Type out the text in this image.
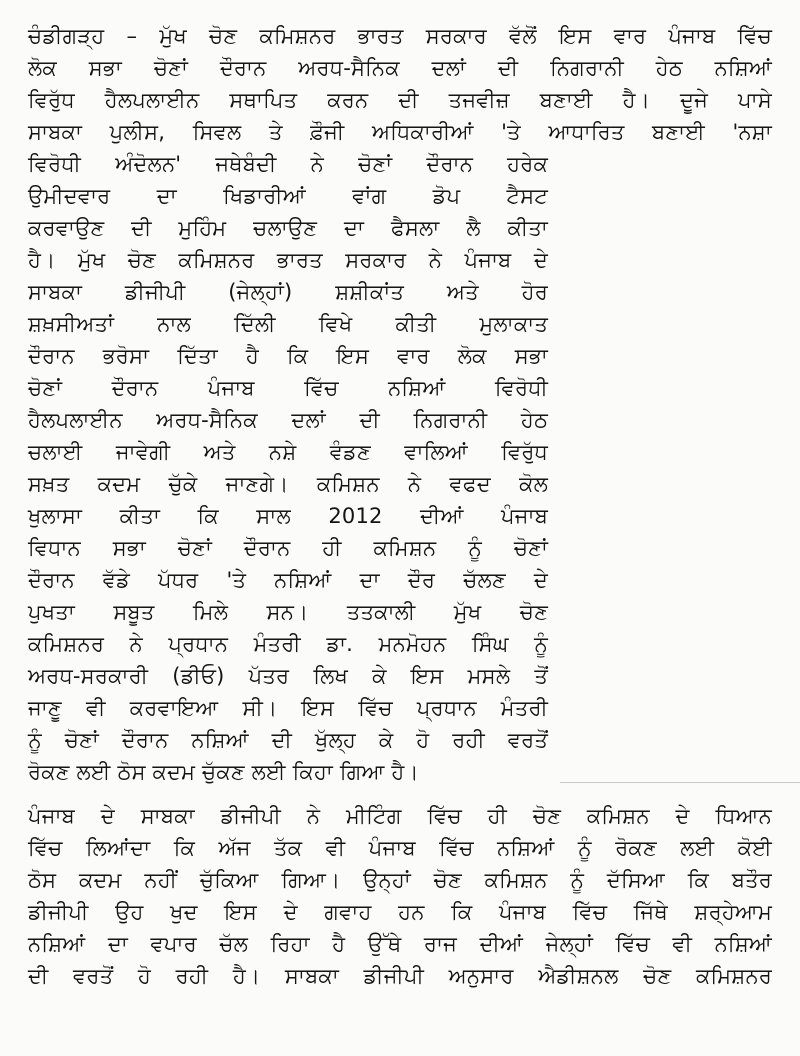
ਚੰਡੀਗੜ੍ਹ – ਮੁੱਖ ਚੋਣ ਕਮਿਸ਼ਨਰ ਭਾਰਤ ਸਰਕਾਰ ਵੱਲੋਂ ਇਸ ਵਾਰ ਪੰਜਾਬ ਵਿੱਚ
ਲੋਕ ਸਭਾ ਚੋਣਾਂ ਦੌਰਾਨ ਅਰਧ-ਸੈਨਿਕ ਦਲਾਂ ਦੀ ਨਿਗਰਾਨੀ ਹੇਠ ਨਸ਼ਿਆਂ
ਵਿਰੁੱਧ ਹੈਲਪਲਾਈਨ ਸਥਾਪਿਤ ਕਰਨ ਦੀ ਤਜਵੀਜ਼ ਬਣਾਈ ਹੈ। ਦੂਜੇ ਪਾਸੇ
ਸਾਬਕਾ ਪੁਲੀਸ, ਸਿਵਲ ਤੇ ਫ਼ੌਜੀ ਅਧਿਕਾਰੀਆਂ 'ਤੇ ਆਧਾਰਿਤ ਬਣਾਈ 'ਨਸ਼ਾ
ਵਿਰੋਧੀ ਅੰਦੋਲਨ' ਜਥੇਬੰਦੀ ਨੇ ਚੋਣਾਂ ਦੌਰਾਨ ਹਰੇਕ
ਉਮੀਦਵਾਰ ਦਾ ਖਿਡਾਰੀਆਂ ਵਾਂਗ ਡੋਪ ਟੈਸਟ
ਕਰਵਾਉਣ ਦੀ ਮੁਹਿੰਮ ਚਲਾਉਣ ਦਾ ਫੈਸਲਾ ਲੈ ਕੀਤਾ
ਹੈ। ਮੁੱਖ ਚੋਣ ਕਮਿਸ਼ਨਰ ਭਾਰਤ ਸਰਕਾਰ ਨੇ ਪੰਜਾਬ ਦੇ
ਸਾਬਕਾ ਡੀਜੀਪੀ (ਜੇਲ੍ਹਾਂ) ਸ਼ਸ਼ੀਕਾਂਤ ਅਤੇ ਹੋਰ
ਸ਼ਖ਼ਸੀਅਤਾਂ ਨਾਲ ਦਿੱਲੀ ਵਿਖੇ ਕੀਤੀ ਮੁਲਾਕਾਤ
ਦੌਰਾਨ ਭਰੋਸਾ ਦਿੱਤਾ ਹੈ ਕਿ ਇਸ ਵਾਰ ਲੋਕ ਸਭਾ
ਚੋਣਾਂ ਦੌਰਾਨ ਪੰਜਾਬ ਵਿੱਚ ਨਸ਼ਿਆਂ ਵਿਰੋਧੀ
ਹੈਲਪਲਾਈਨ ਅਰਧ-ਸੈਨਿਕ ਦਲਾਂ ਦੀ ਨਿਗਰਾਨੀ ਹੇਠ
ਚਲਾਈ ਜਾਵੇਗੀ ਅਤੇ ਨਸ਼ੇ ਵੰਡਣ ਵਾਲਿਆਂ ਵਿਰੁੱਧ
ਸਖ਼ਤ ਕਦਮ ਚੁੱਕੇ ਜਾਣਗੇ। ਕਮਿਸ਼ਨ ਨੇ ਵਫਦ ਕੋਲ
ਖੁਲਾਸਾ ਕੀਤਾ ਕਿ ਸਾਲ 2012 ਦੀਆਂ ਪੰਜਾਬ
ਵਿਧਾਨ ਸਭਾ ਚੋਣਾਂ ਦੌਰਾਨ ਹੀ ਕਮਿਸ਼ਨ ਨੂੰ ਚੋਣਾਂ
ਦੌਰਾਨ ਵੱਡੇ ਪੱਧਰ 'ਤੇ ਨਸ਼ਿਆਂ ਦਾ ਦੌਰ ਚੱਲਣ ਦੇ
ਪੁਖਤਾ ਸਬੂਤ ਮਿਲੇ ਸਨ। ਤਤਕਾਲੀ ਮੁੱਖ ਚੋਣ
ਕਮਿਸ਼ਨਰ ਨੇ ਪ੍ਰਧਾਨ ਮੰਤਰੀ ਡਾ. ਮਨਮੋਹਨ ਸਿੰਘ ਨੂੰ
ਅਰਧ-ਸਰਕਾਰੀ (ਡੀਓ) ਪੱਤਰ ਲਿਖ ਕੇ ਇਸ ਮਸਲੇ ਤੋਂ
ਜਾਣੂ ਵੀ ਕਰਵਾਇਆ ਸੀ। ਇਸ ਵਿੱਚ ਪ੍ਰਧਾਨ ਮੰਤਰੀ
ਨੂੰ ਚੋਣਾਂ ਦੌਰਾਨ ਨਸ਼ਿਆਂ ਦੀ ਖੁੱਲ੍ਹ ਕੇ ਹੋ ਰਹੀ ਵਰਤੋਂ
ਰੋਕਣ ਲਈ ਠੋਸ ਕਦਮ ਚੁੱਕਣ ਲਈ ਕਿਹਾ ਗਿਆ ਹੈ।
ਪੰਜਾਬ ਦੇ ਸਾਬਕਾ ਡੀਜੀਪੀ ਨੇ ਮੀਟਿੰਗ ਵਿੱਚ ਹੀ ਚੋਣ ਕਮਿਸ਼ਨ ਦੇ ਧਿਆਨ
ਵਿੱਚ ਲਿਆਂਦਾ ਕਿ ਅੱਜ ਤੱਕ ਵੀ ਪੰਜਾਬ ਵਿੱਚ ਨਸ਼ਿਆਂ ਨੂੰ ਰੋਕਣ ਲਈ ਕੋਈ
ਠੋਸ ਕਦਮ ਨਹੀਂ ਚੁੱਕਿਆ ਗਿਆ। ਉਨ੍ਹਾਂ ਚੋਣ ਕਮਿਸ਼ਨ ਨੂੰ ਦੱਸਿਆ ਕਿ ਬਤੌਰ
ਡੀਜੀਪੀ ਉਹ ਖੁਦ ਇਸ ਦੇ ਗਵਾਹ ਹਨ ਕਿ ਪੰਜਾਬ ਵਿੱਚ ਜਿੱਥੇ ਸ਼ਰ੍ਹੇਆਮ
ਨਸ਼ਿਆਂ ਦਾ ਵਪਾਰ ਚੱਲ ਰਿਹਾ ਹੈ ਉੱਥੇ ਰਾਜ ਦੀਆਂ ਜੇਲ੍ਹਾਂ ਵਿੱਚ ਵੀ ਨਸ਼ਿਆਂ
ਦੀ ਵਰਤੋਂ ਹੋ ਰਹੀ ਹੈ। ਸਾਬਕਾ ਡੀਜੀਪੀ ਅਨੁਸਾਰ ਐਡੀਸ਼ਨਲ ਚੋਣ ਕਮਿਸ਼ਨਰ
